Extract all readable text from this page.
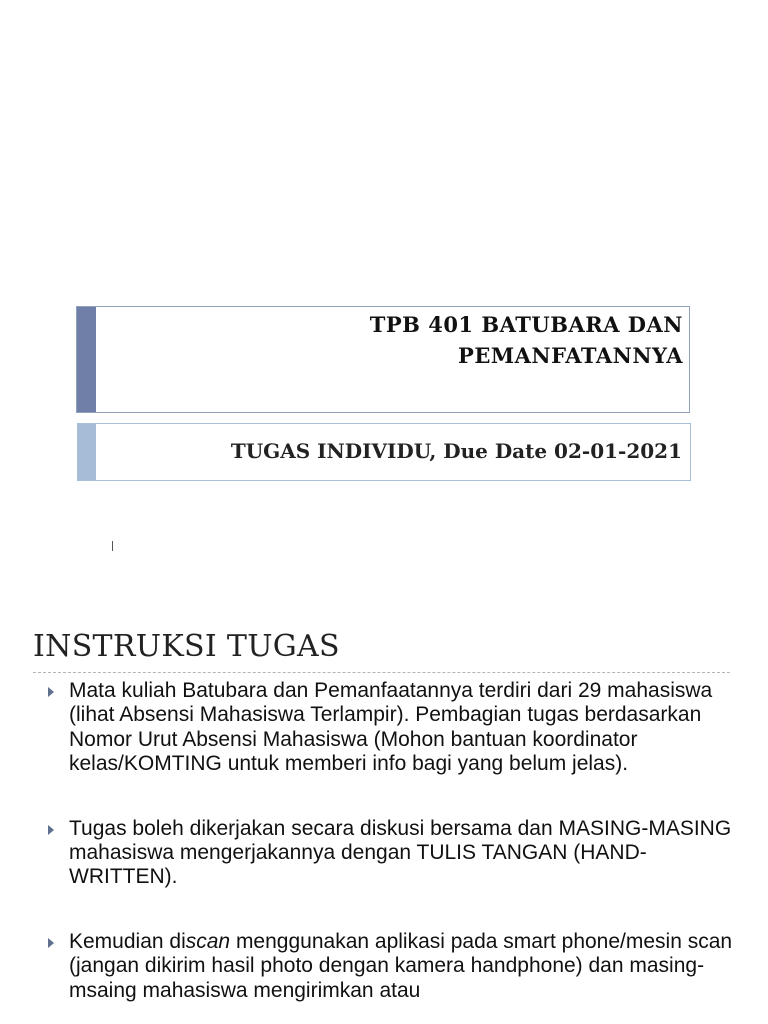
TPB 401 BATUBARA DAN
PEMANFATANNYA
TUGAS INDIVIDU, Due Date 02-01-2021
INSTRUKSI TUGAS
Mata kuliah Batubara dan Pemanfaatannya terdiri dari 29 mahasiswa (lihat Absensi Mahasiswa Terlampir). Pembagian tugas berdasarkan Nomor Urut Absensi Mahasiswa (Mohon bantuan koordinator kelas/KOMTING untuk memberi info bagi yang belum jelas).
Tugas boleh dikerjakan secara diskusi bersama dan MASING-MASING mahasiswa mengerjakannya dengan TULIS TANGAN (HAND-WRITTEN).
Kemudian discan menggunakan aplikasi pada smart phone/mesin scan (jangan dikirim hasil photo dengan kamera handphone) dan masing-msaing mahasiswa mengirimkan atau
